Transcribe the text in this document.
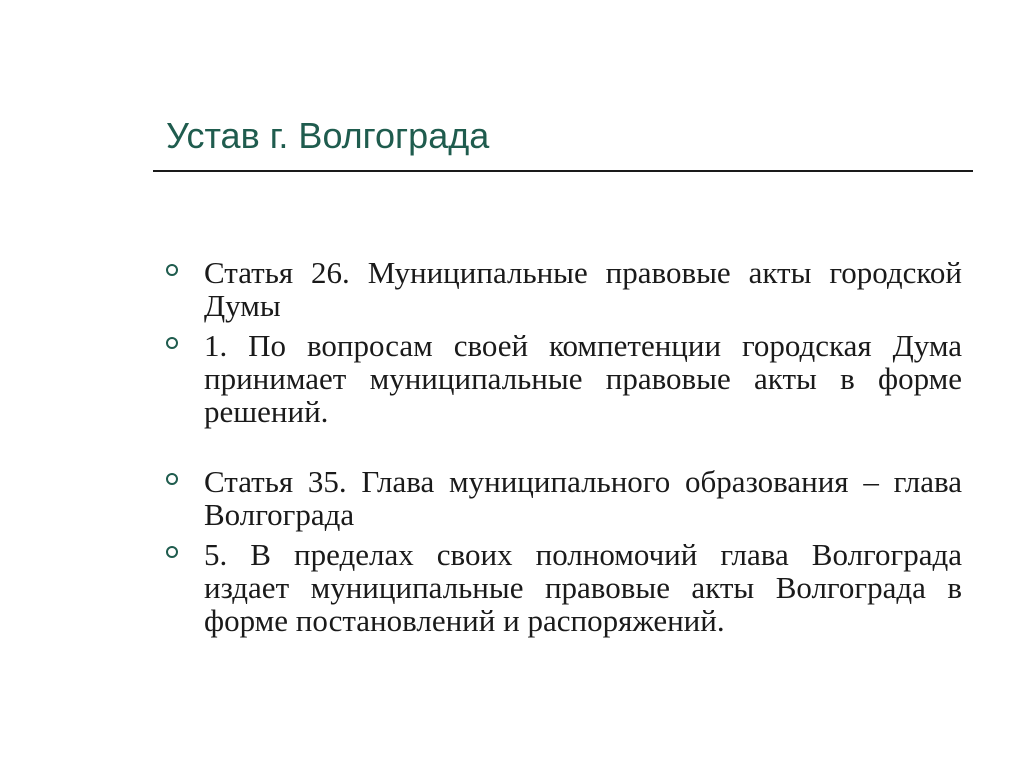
Устав г. Волгограда
Статья 26. Муниципальные правовые акты городской Думы
1. По вопросам своей компетенции городская Дума принимает муниципальные правовые акты в форме решений.
Статья 35. Глава муниципального образования – глава Волгограда
5. В пределах своих полномочий глава Волгограда издает муниципальные правовые акты Волгограда в форме постановлений и распоряжений.
